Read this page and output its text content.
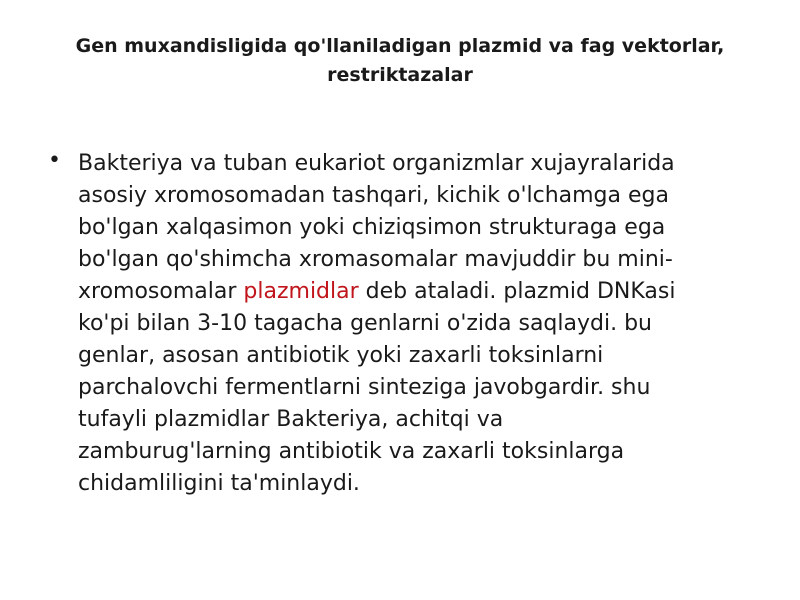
Gen muxandisligida qo'llaniladigan plazmid va fag vektorlar,
restriktazalar
• Bakteriya va tuban eukariot organizmlar xujayralarida
asosiy xromosomadan tashqari, kichik o'lchamga ega
bo'lgan xalqasimon yoki chiziqsimon strukturaga ega
bo'lgan qo'shimcha xromasomalar mavjuddir bu mini-
xromosomalar plazmidlar deb ataladi. plazmid DNKasi
ko'pi bilan 3-10 tagacha genlarni o'zida saqlaydi. bu
genlar, asosan antibiotik yoki zaxarli toksinlarni
parchalovchi fermentlarni sinteziga javobgardir. shu
tufayli plazmidlar Bakteriya, achitqi va
zamburug'larning antibiotik va zaxarli toksinlarga
chidamliligini ta'minlaydi.
